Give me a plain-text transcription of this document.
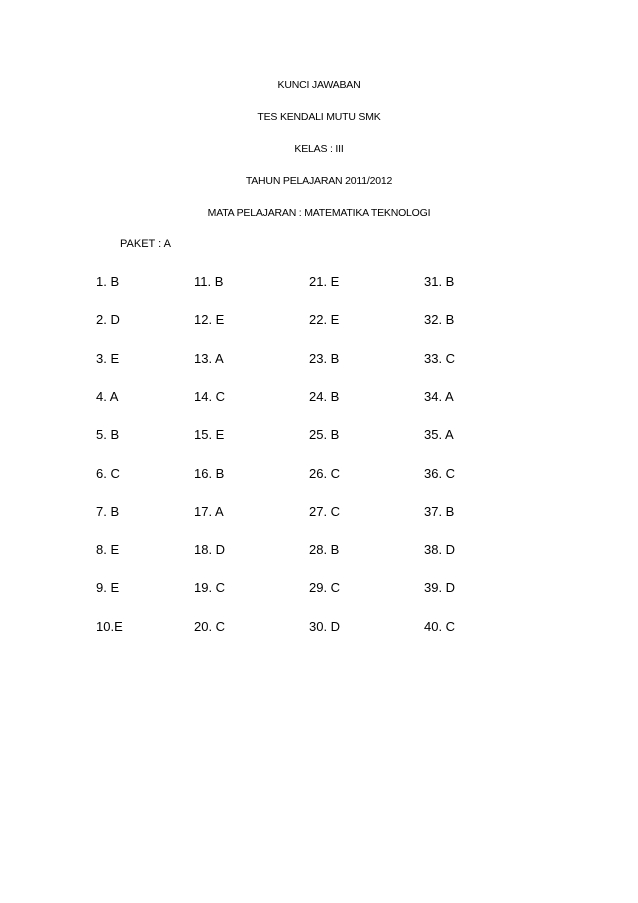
KUNCI JAWABAN
TES KENDALI MUTU SMK
KELAS : III
TAHUN PELAJARAN 2011/2012
MATA PELAJARAN : MATEMATIKA TEKNOLOGI
PAKET : A
1. B	11. B	21. E	31. B
2. D	12. E	22. E	32. B
3. E	13. A	23. B	33. C
4. A	14. C	24. B	34. A
5. B	15. E	25. B	35. A
6. C	16. B	26. C	36. C
7. B	17. A	27. C	37. B
8. E	18. D	28. B	38. D
9. E	19. C	29. C	39. D
10.E	20. C	30. D	40. C
